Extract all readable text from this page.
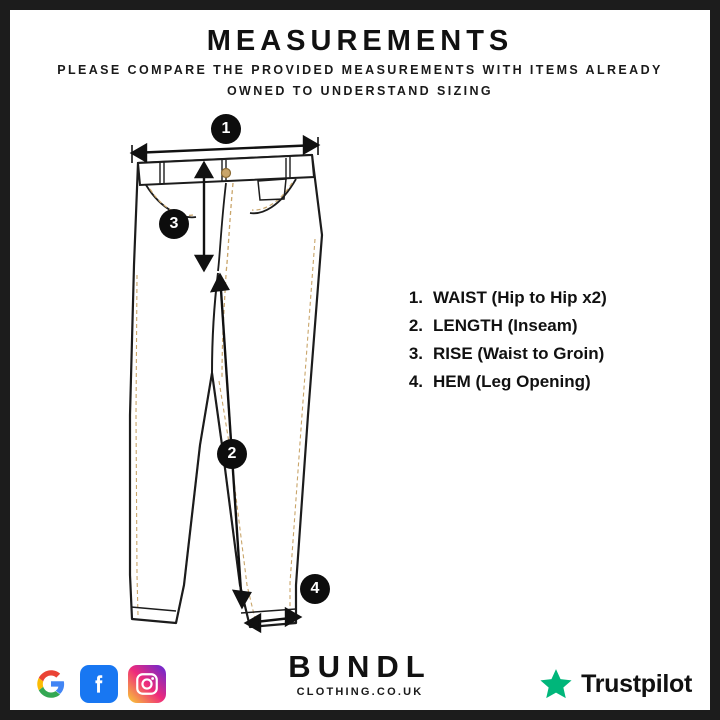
MEASUREMENTS
PLEASE COMPARE THE PROVIDED MEASUREMENTS WITH ITEMS ALREADY OWNED TO UNDERSTAND SIZING
1
2
3
4
1. WAIST (Hip to Hip x2)
2. LENGTH (Inseam)
3. RISE (Waist to Groin)
4. HEM (Leg Opening)
BUNDL
CLOTHING.CO.UK	Trustpilot
